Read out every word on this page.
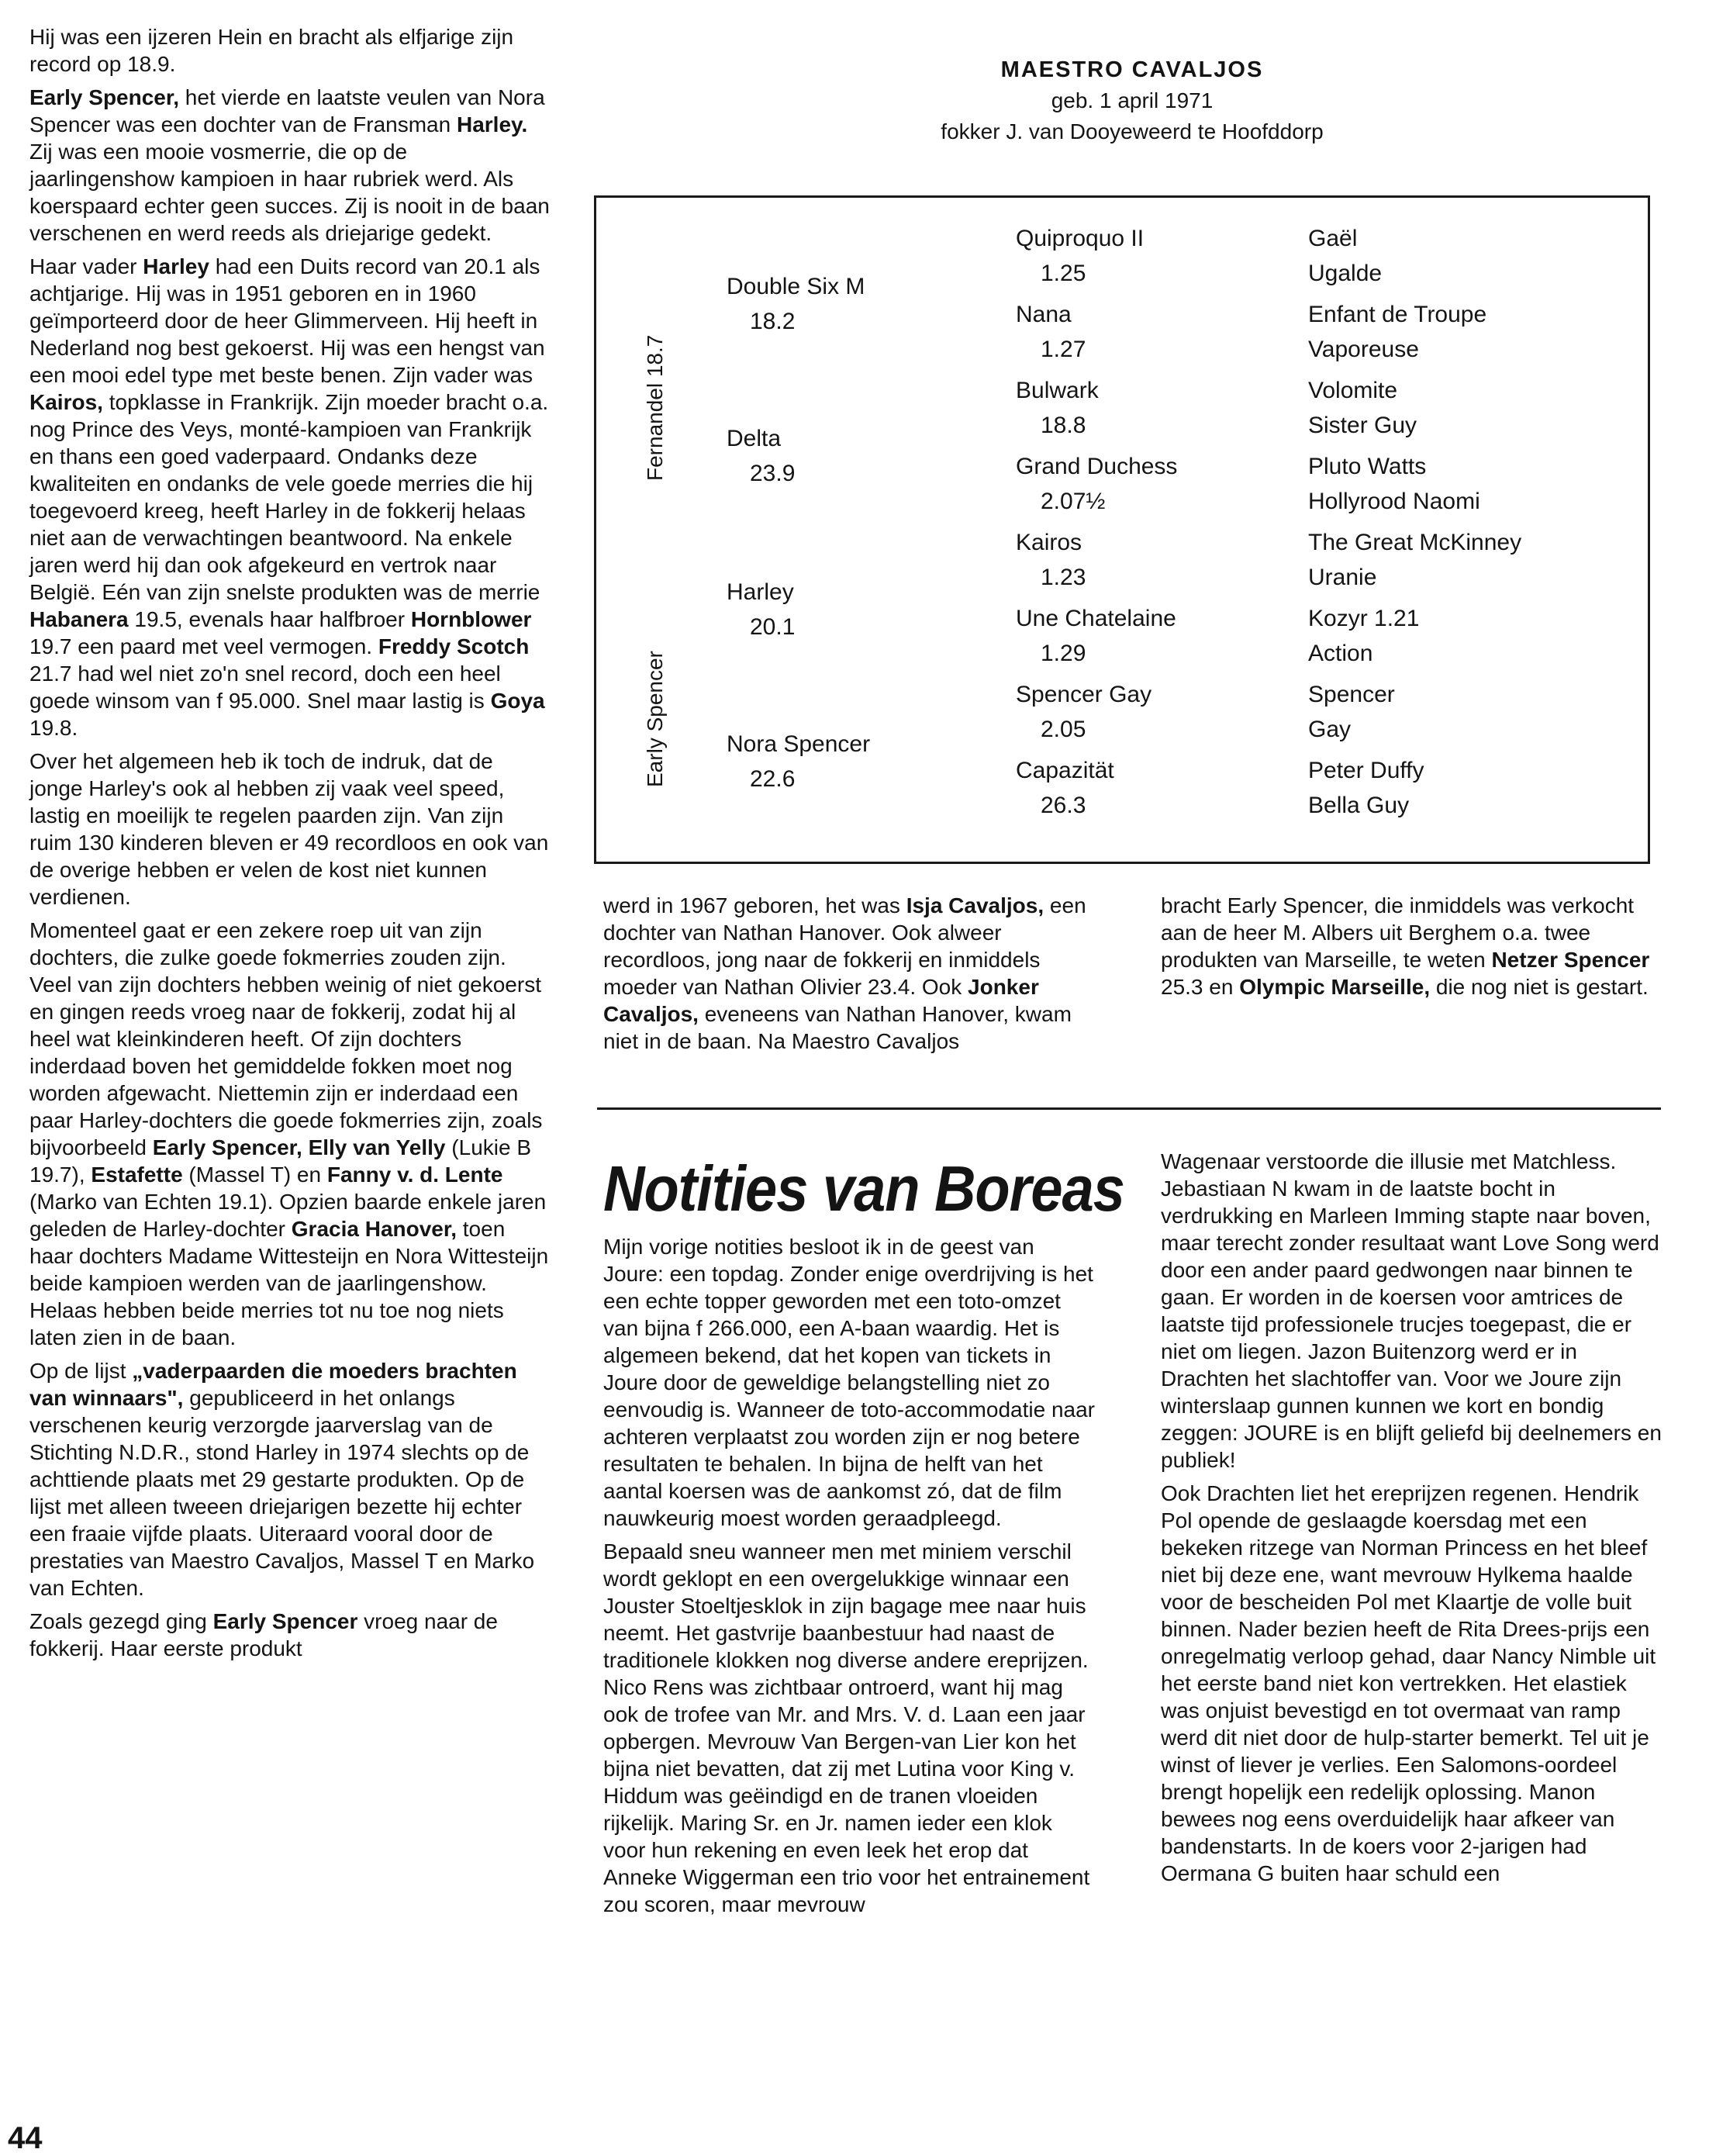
Hij was een ijzeren Hein en bracht als elfjarige zijn record op 18.9.

Early Spencer, het vierde en laatste veulen van Nora Spencer was een dochter van de Fransman Harley. Zij was een mooie vosmerrie, die op de jaarlingenshow kampioen in haar rubriek werd. Als koerspaard echter geen succes. Zij is nooit in de baan verschenen en werd reeds als driejarige gedekt.

Haar vader Harley had een Duits record van 20.1 als achtjarige. Hij was in 1951 geboren en in 1960 geïmporteerd door de heer Glimmerveen. Hij heeft in Nederland nog best gekoerst. Hij was een hengst van een mooi edel type met beste benen. Zijn vader was Kairos, topklasse in Frankrijk. Zijn moeder bracht o.a. nog Prince des Veys, monté-kampioen van Frankrijk en thans een goed vaderpaard. Ondanks deze kwaliteiten en ondanks de vele goede merries die hij toegevoerd kreeg, heeft Harley in de fokkerij helaas niet aan de verwachtingen beantwoord. Na enkele jaren werd hij dan ook afgekeurd en vertrok naar België. Eén van zijn snelste produkten was de merrie Habanera 19.5, evenals haar halfbroer Hornblower 19.7 een paard met veel vermogen. Freddy Scotch 21.7 had wel niet zo'n snel record, doch een heel goede winsom van f 95.000. Snel maar lastig is Goya 19.8.

Over het algemeen heb ik toch de indruk, dat de jonge Harley's ook al hebben zij vaak veel speed, lastig en moeilijk te regelen paarden zijn. Van zijn ruim 130 kinderen bleven er 49 recordloos en ook van de overige hebben er velen de kost niet kunnen verdienen.

Momenteel gaat er een zekere roep uit van zijn dochters, die zulke goede fokmerries zouden zijn. Veel van zijn dochters hebben weinig of niet gekoerst en gingen reeds vroeg naar de fokkerij, zodat hij al heel wat kleinkinderen heeft. Of zijn dochters inderdaad boven het gemiddelde fokken moet nog worden afgewacht. Niettemin zijn er inderdaad een paar Harley-dochters die goede fokmerries zijn, zoals bijvoorbeeld Early Spencer, Elly van Yelly (Lukie B 19.7), Estafette (Massel T) en Fanny v. d. Lente (Marko van Echten 19.1). Opzien baarde enkele jaren geleden de Harley-dochter Gracia Hanover, toen haar dochters Madame Wittesteijn en Nora Wittesteijn beide kampioen werden van de jaarlingenshow. Helaas hebben beide merries tot nu toe nog niets laten zien in de baan.

Op de lijst „vaderpaarden die moeders brachten van winnaars", gepubliceerd in het onlangs verschenen keurig verzorgde jaarverslag van de Stichting N.D.R., stond Harley in 1974 slechts op de achttiende plaats met 29 gestarte produkten. Op de lijst met alleen tweeen driejarigen bezette hij echter een fraaie vijfde plaats. Uiteraard vooral door de prestaties van Maestro Cavaljos, Massel T en Marko van Echten.

Zoals gezegd ging Early Spencer vroeg naar de fokkerij. Haar eerste produkt

MAESTRO CAVALJOS
geb. 1 april 1971
fokker J. van Dooyeweerd te Hoofddorp
Fernandel 18.7
Early Spencer
Double Six M
18.2
Delta
23.9
Harley
20.1
Nora Spencer
22.6
Quiproquo II
1.25
Nana
1.27
Bulwark
18.8
Grand Duchess
2.07½
Kairos
1.23
Une Chatelaine
1.29
Spencer Gay
2.05
Capazität
26.3
Gaël
Ugalde
Enfant de Troupe
Vaporeuse
Volomite
Sister Guy
Pluto Watts
Hollyrood Naomi
The Great McKinney
Uranie
Kozyr 1.21
Action
Spencer
Gay
Peter Duffy
Bella Guy

werd in 1967 geboren, het was Isja Cavaljos, een dochter van Nathan Hanover. Ook alweer recordloos, jong naar de fokkerij en inmiddels moeder van Nathan Olivier 23.4. Ook Jonker Cavaljos, eveneens van Nathan Hanover, kwam niet in de baan. Na Maestro Cavaljos

bracht Early Spencer, die inmiddels was verkocht aan de heer M. Albers uit Berghem o.a. twee produkten van Marseille, te weten Netzer Spencer 25.3 en Olympic Marseille, die nog niet is gestart.

Notities van Boreas

Mijn vorige notities besloot ik in de geest van Joure: een topdag. Zonder enige overdrijving is het een echte topper geworden met een toto-omzet van bijna f 266.000, een A-baan waardig. Het is algemeen bekend, dat het kopen van tickets in Joure door de geweldige belangstelling niet zo eenvoudig is. Wanneer de toto-accommodatie naar achteren verplaatst zou worden zijn er nog betere resultaten te behalen. In bijna de helft van het aantal koersen was de aankomst zó, dat de film nauwkeurig moest worden geraadpleegd.

Bepaald sneu wanneer men met miniem verschil wordt geklopt en een overgelukkige winnaar een Jouster Stoeltjesklok in zijn bagage mee naar huis neemt. Het gastvrije baanbestuur had naast de traditionele klokken nog diverse andere ereprijzen. Nico Rens was zichtbaar ontroerd, want hij mag ook de trofee van Mr. and Mrs. V. d. Laan een jaar opbergen. Mevrouw Van Bergen-van Lier kon het bijna niet bevatten, dat zij met Lutina voor King v. Hiddum was geëindigd en de tranen vloeiden rijkelijk. Maring Sr. en Jr. namen ieder een klok voor hun rekening en even leek het erop dat Anneke Wiggerman een trio voor het entrainement zou scoren, maar mevrouw

Wagenaar verstoorde die illusie met Matchless. Jebastiaan N kwam in de laatste bocht in verdrukking en Marleen Imming stapte naar boven, maar terecht zonder resultaat want Love Song werd door een ander paard gedwongen naar binnen te gaan. Er worden in de koersen voor amtrices de laatste tijd professionele trucjes toegepast, die er niet om liegen. Jazon Buitenzorg werd er in Drachten het slachtoffer van. Voor we Joure zijn winterslaap gunnen kunnen we kort en bondig zeggen: JOURE is en blijft geliefd bij deelnemers en publiek!

Ook Drachten liet het ereprijzen regenen. Hendrik Pol opende de geslaagde koersdag met een bekeken ritzege van Norman Princess en het bleef niet bij deze ene, want mevrouw Hylkema haalde voor de bescheiden Pol met Klaartje de volle buit binnen. Nader bezien heeft de Rita Drees-prijs een onregelmatig verloop gehad, daar Nancy Nimble uit het eerste band niet kon vertrekken. Het elastiek was onjuist bevestigd en tot overmaat van ramp werd dit niet door de hulp-starter bemerkt. Tel uit je winst of liever je verlies. Een Salomons-oordeel brengt hopelijk een redelijk oplossing. Manon bewees nog eens overduidelijk haar afkeer van bandenstarts. In de koers voor 2-jarigen had Oermana G buiten haar schuld een

44
